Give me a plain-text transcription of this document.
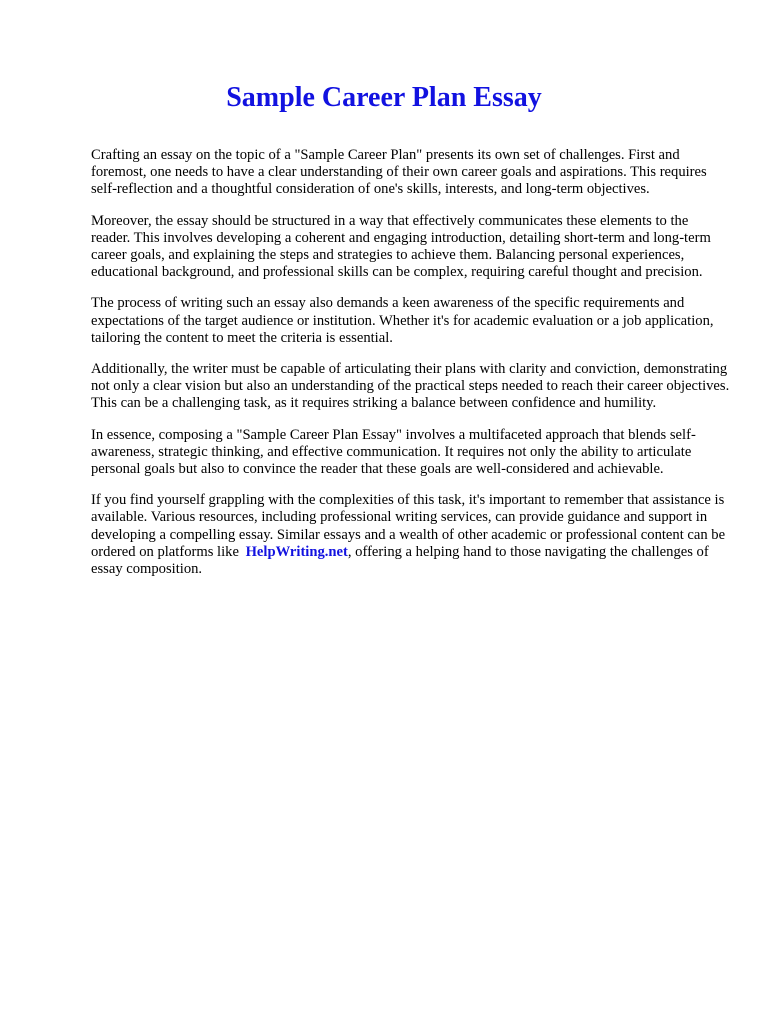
Sample Career Plan Essay

Crafting an essay on the topic of a "Sample Career Plan" presents its own set of challenges. First and foremost, one needs to have a clear understanding of their own career goals and aspirations. This requires self-reflection and a thoughtful consideration of one's skills, interests, and long-term objectives.

Moreover, the essay should be structured in a way that effectively communicates these elements to the reader. This involves developing a coherent and engaging introduction, detailing short-term and long-term career goals, and explaining the steps and strategies to achieve them. Balancing personal experiences, educational background, and professional skills can be complex, requiring careful thought and precision.

The process of writing such an essay also demands a keen awareness of the specific requirements and expectations of the target audience or institution. Whether it's for academic evaluation or a job application, tailoring the content to meet the criteria is essential.

Additionally, the writer must be capable of articulating their plans with clarity and conviction, demonstrating not only a clear vision but also an understanding of the practical steps needed to reach their career objectives. This can be a challenging task, as it requires striking a balance between confidence and humility.

In essence, composing a "Sample Career Plan Essay" involves a multifaceted approach that blends self-awareness, strategic thinking, and effective communication. It requires not only the ability to articulate personal goals but also to convince the reader that these goals are well-considered and achievable.

If you find yourself grappling with the complexities of this task, it's important to remember that assistance is available. Various resources, including professional writing services, can provide guidance and support in developing a compelling essay. Similar essays and a wealth of other academic or professional content can be ordered on platforms like HelpWriting.net, offering a helping hand to those navigating the challenges of essay composition.
